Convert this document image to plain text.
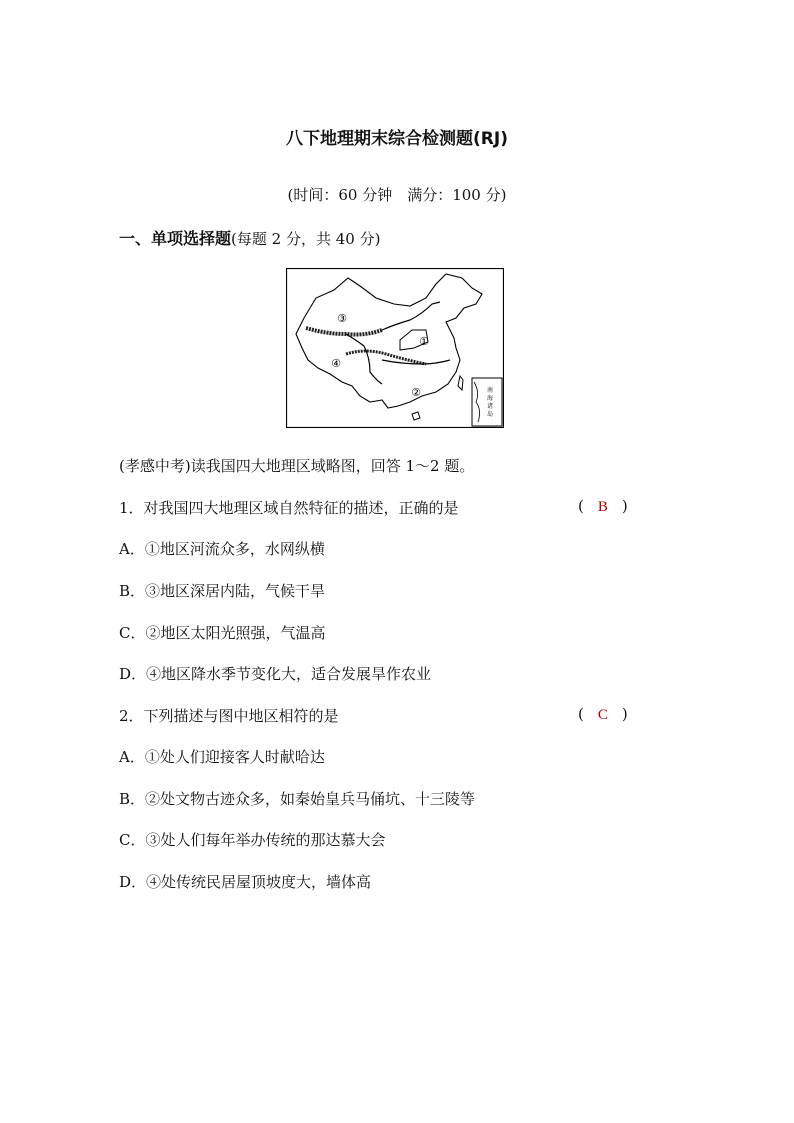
八下地理期末综合检测题(RJ)
(时间：60 分钟　满分：100 分)
一、单项选择题(每题 2 分，共 40 分)
③
④
①
②	南
海
诸
岛
(孝感中考)读我国四大地理区域略图，回答 1～2 题。
1．对我国四大地理区域自然特征的描述，正确的是	( B )
A．①地区河流众多，水网纵横
B．③地区深居内陆，气候干旱
C．②地区太阳光照强，气温高
D．④地区降水季节变化大，适合发展旱作农业
2．下列描述与图中地区相符的是	( C )
A．①处人们迎接客人时献哈达
B．②处文物古迹众多，如秦始皇兵马俑坑、十三陵等
C．③处人们每年举办传统的那达慕大会
D．④处传统民居屋顶坡度大，墙体高
